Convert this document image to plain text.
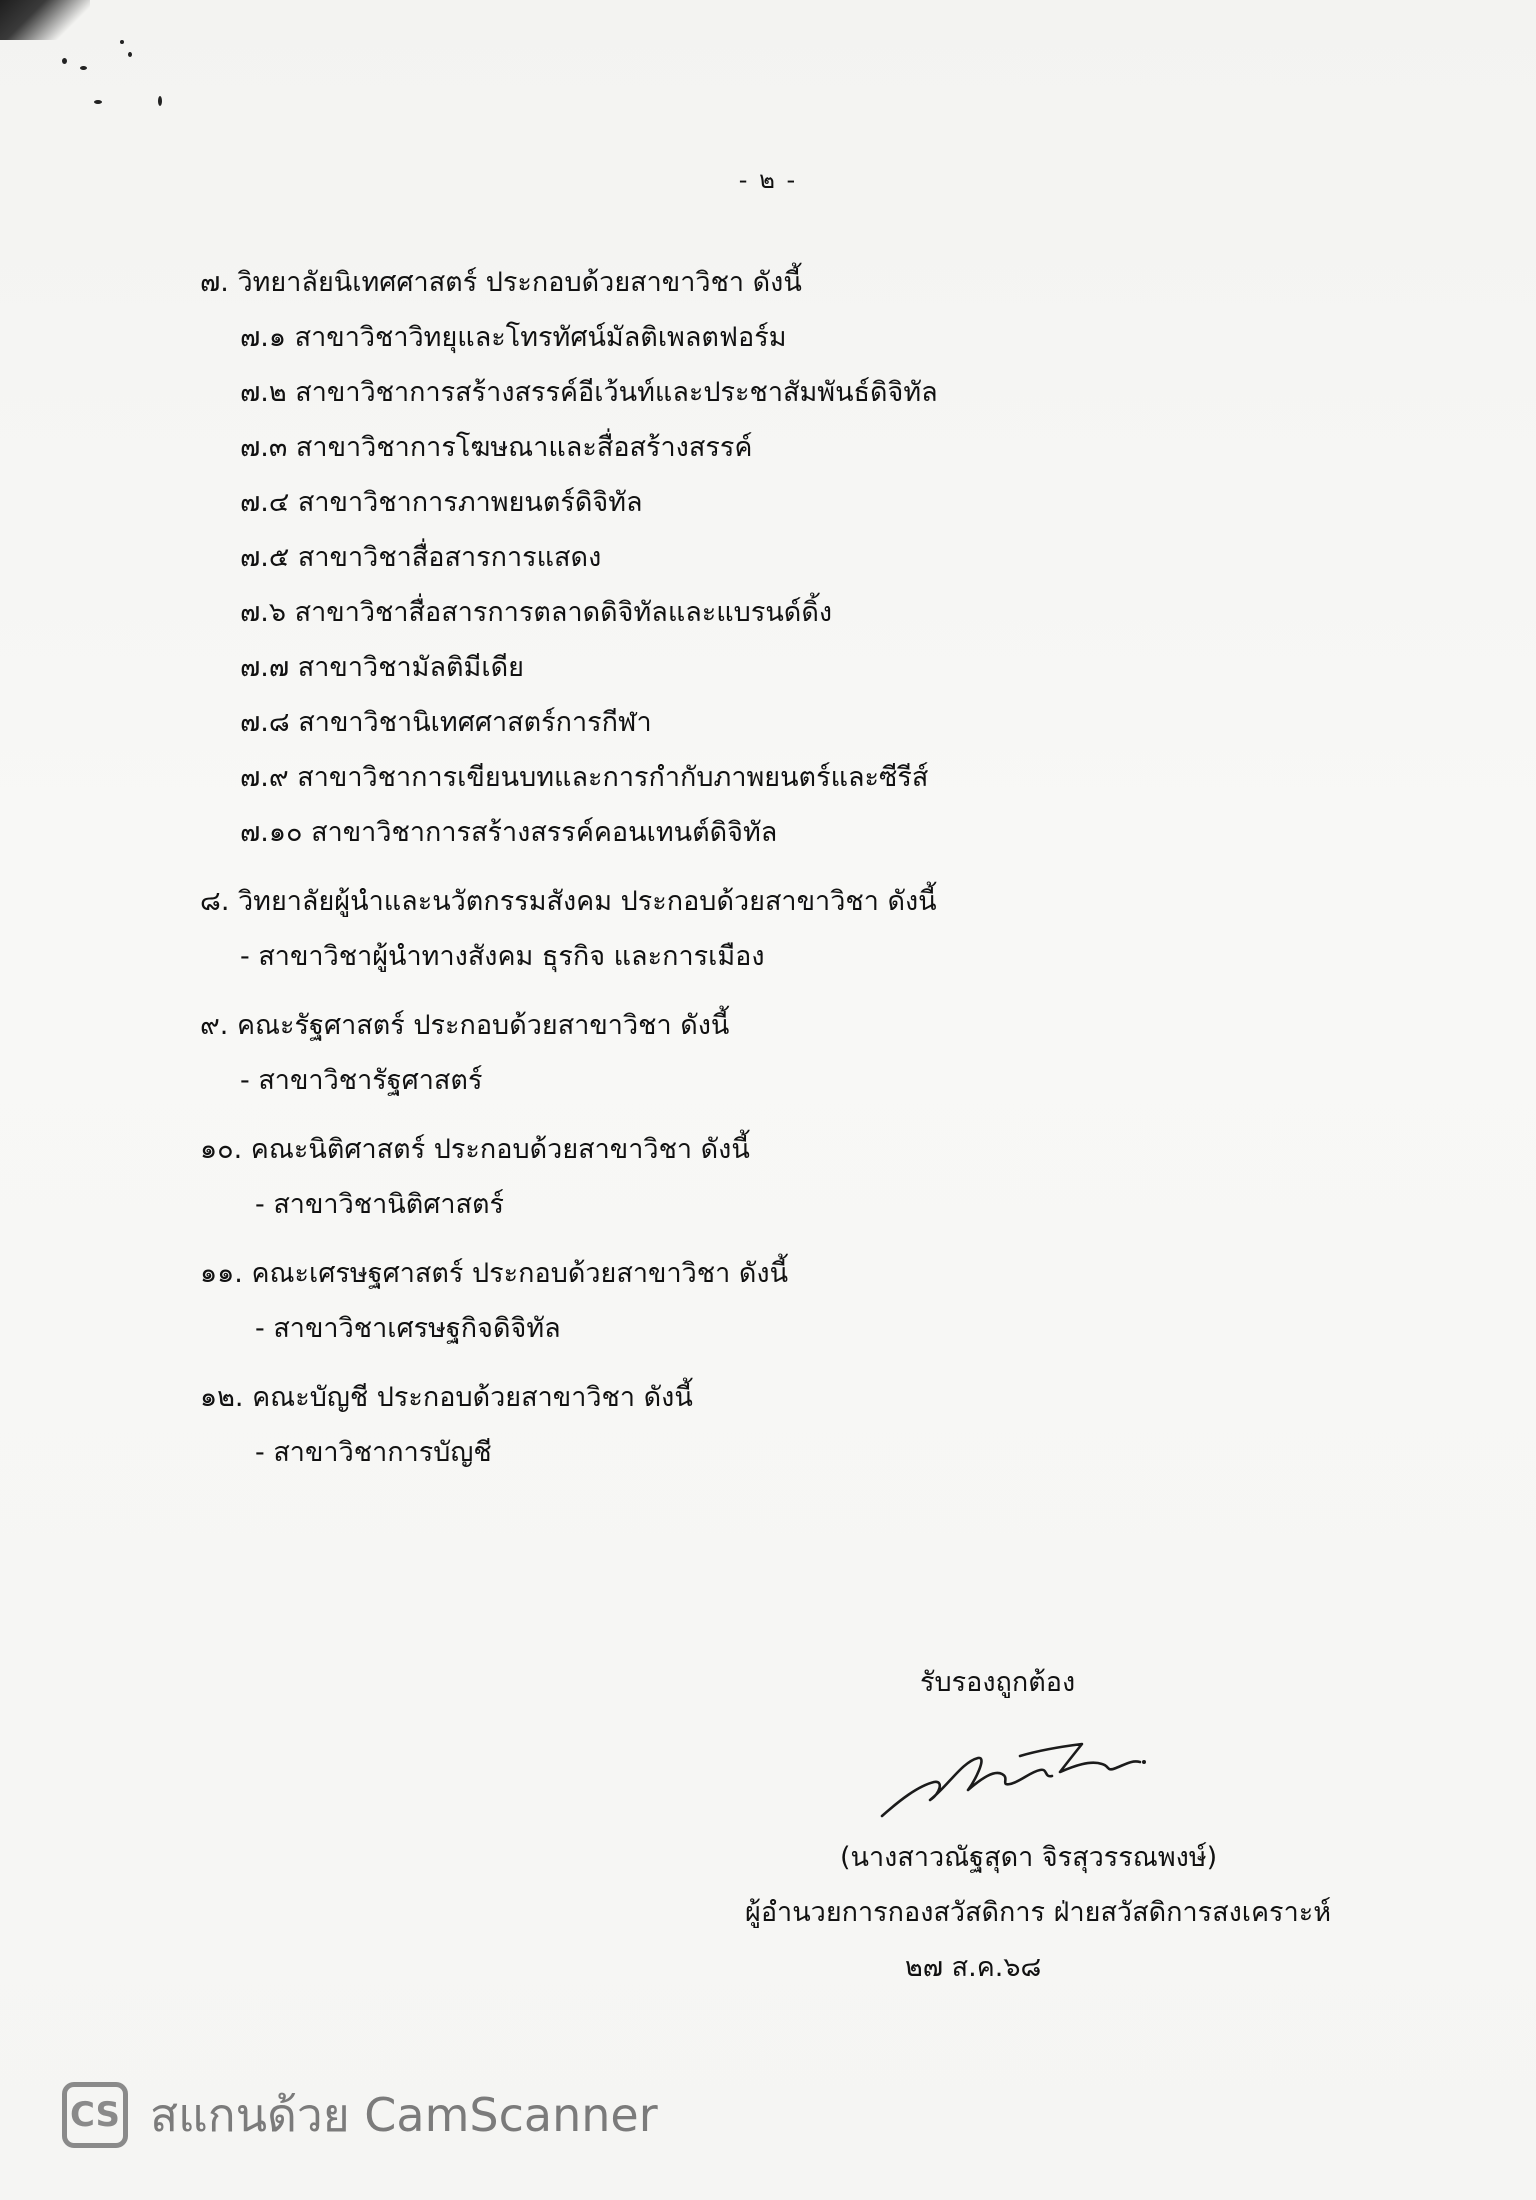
- ๒ -
๗. วิทยาลัยนิเทศศาสตร์ ประกอบด้วยสาขาวิชา ดังนี้
๗.๑ สาขาวิชาวิทยุและโทรทัศน์มัลติเพลตฟอร์ม
๗.๒ สาขาวิชาการสร้างสรรค์อีเว้นท์และประชาสัมพันธ์ดิจิทัล
๗.๓ สาขาวิชาการโฆษณาและสื่อสร้างสรรค์
๗.๔ สาขาวิชาการภาพยนตร์ดิจิทัล
๗.๕ สาขาวิชาสื่อสารการแสดง
๗.๖ สาขาวิชาสื่อสารการตลาดดิจิทัลและแบรนด์ดิ้ง
๗.๗ สาขาวิชามัลติมีเดีย
๗.๘ สาขาวิชานิเทศศาสตร์การกีฬา
๗.๙ สาขาวิชาการเขียนบทและการกำกับภาพยนตร์และซีรีส์
๗.๑๐ สาขาวิชาการสร้างสรรค์คอนเทนต์ดิจิทัล
๘. วิทยาลัยผู้นำและนวัตกรรมสังคม ประกอบด้วยสาขาวิชา ดังนี้
- สาขาวิชาผู้นำทางสังคม ธุรกิจ และการเมือง
๙. คณะรัฐศาสตร์ ประกอบด้วยสาขาวิชา ดังนี้
- สาขาวิชารัฐศาสตร์
๑๐. คณะนิติศาสตร์ ประกอบด้วยสาขาวิชา ดังนี้
- สาขาวิชานิติศาสตร์
๑๑. คณะเศรษฐศาสตร์ ประกอบด้วยสาขาวิชา ดังนี้
- สาขาวิชาเศรษฐกิจดิจิทัล
๑๒. คณะบัญชี ประกอบด้วยสาขาวิชา ดังนี้
- สาขาวิชาการบัญชี
รับรองถูกต้อง
(นางสาวณัฐสุดา จิรสุวรรณพงษ์)
ผู้อำนวยการกองสวัสดิการ ฝ่ายสวัสดิการสงเคราะห์
๒๗ ส.ค.๖๘
CS สแกนด้วย CamScanner
